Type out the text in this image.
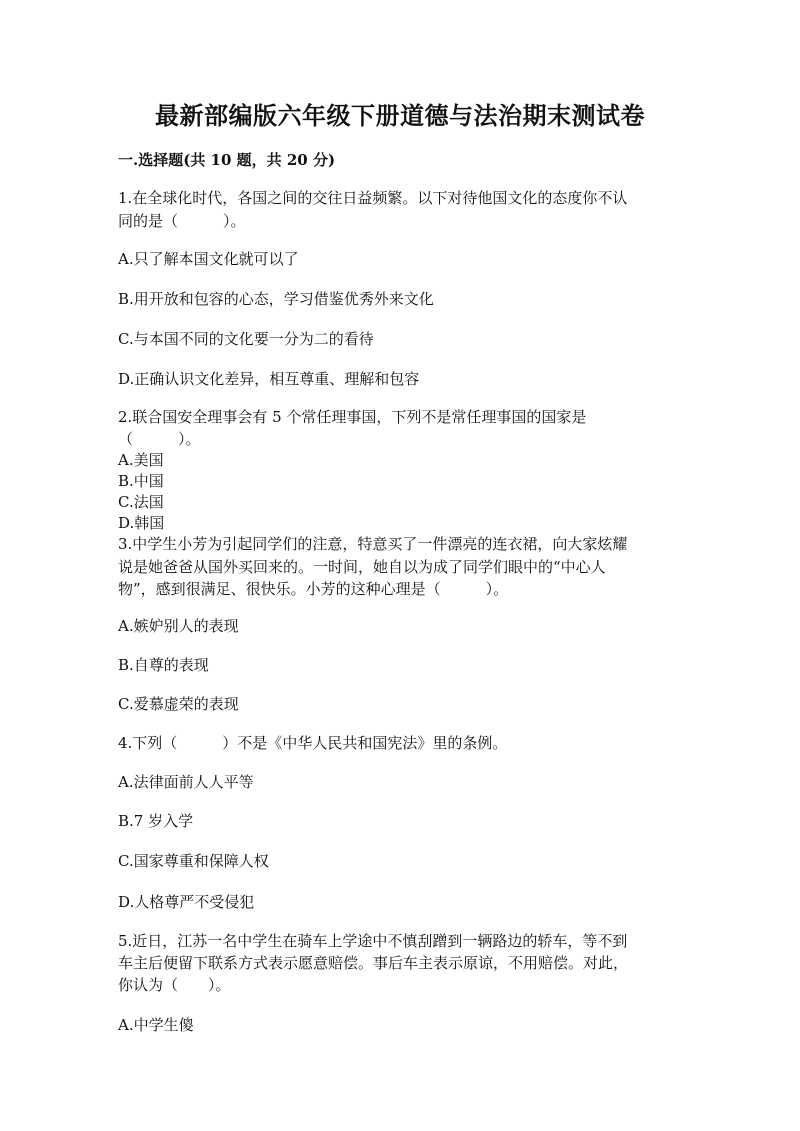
最新部编版六年级下册道德与法治期末测试卷
一.选择题(共 10 题，共 20 分)
1.在全球化时代，各国之间的交往日益频繁。以下对待他国文化的态度你不认
同的是（　　　）。
A.只了解本国文化就可以了
B.用开放和包容的心态，学习借鉴优秀外来文化
C.与本国不同的文化要一分为二的看待
D.正确认识文化差异，相互尊重、理解和包容
2.联合国安全理事会有 5 个常任理事国，下列不是常任理事国的国家是
（　　　）。
A.美国
B.中国
C.法国
D.韩国
3.中学生小芳为引起同学们的注意，特意买了一件漂亮的连衣裙，向大家炫耀
说是她爸爸从国外买回来的。一时间，她自以为成了同学们眼中的“中心人
物”，感到很满足、很快乐。小芳的这种心理是（　　　）。
A.嫉妒别人的表现
B.自尊的表现
C.爱慕虚荣的表现
4.下列（　　　）不是《中华人民共和国宪法》里的条例。
A.法律面前人人平等
B.7 岁入学
C.国家尊重和保障人权
D.人格尊严不受侵犯
5.近日，江苏一名中学生在骑车上学途中不慎刮蹭到一辆路边的轿车，等不到
车主后便留下联系方式表示愿意赔偿。事后车主表示原谅，不用赔偿。对此，
你认为（　　）。
A.中学生傻
